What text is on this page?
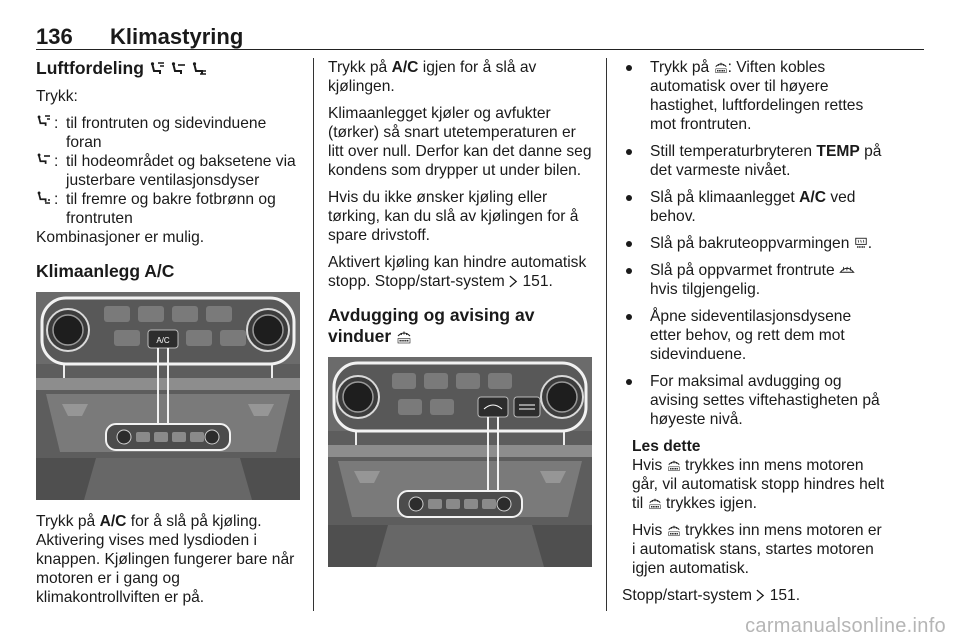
136 Klimastyring
Luftfordeling

Trykk:

: til frontruten og sidevinduene foran
: til hodeområdet og baksetene via justerbare ventilasjonsdyser
: til fremre og bakre fotbrønn og frontruten

Kombinasjoner er mulig.

Klimaanlegg A/C
A/C

Trykk på A/C for å slå på kjøling. Aktivering vises med lysdioden i knappen. Kjølingen fungerer bare når motoren er i gang og klimakontrollviften er på.

Trykk på A/C igjen for å slå av kjølingen.

Klimaanlegget kjøler og avfukter (tørker) så snart utetemperaturen er litt over null. Derfor kan det danne seg kondens som drypper ut under bilen.

Hvis du ikke ønsker kjøling eller tørking, kan du slå av kjølingen for å spare drivstoff.

Aktivert kjøling kan hindre automatisk stopp. Stopp/start-system 151.

Avdugging og avising av vinduer
Trykk på : Viften kobles automatisk over til høyere hastighet, luftfordelingen rettes mot frontruten.
Still temperaturbryteren TEMP på det varmeste nivået.
Slå på klimaanlegget A/C ved behov.
Slå på bakruteoppvarmingen .
Slå på oppvarmet frontrute
hvis tilgjengelig.
Åpne sideventilasjonsdysene etter behov, og rett dem mot sidevinduene.
For maksimal avdugging og avising settes viftehastigheten på høyeste nivå.

Les dette

Hvis trykkes inn mens motoren går, vil automatisk stopp hindres helt til trykkes igjen.

Hvis trykkes inn mens motoren er i automatisk stans, startes motoren igjen automatisk.

Stopp/start-system 151.

carmanualsonline.info
